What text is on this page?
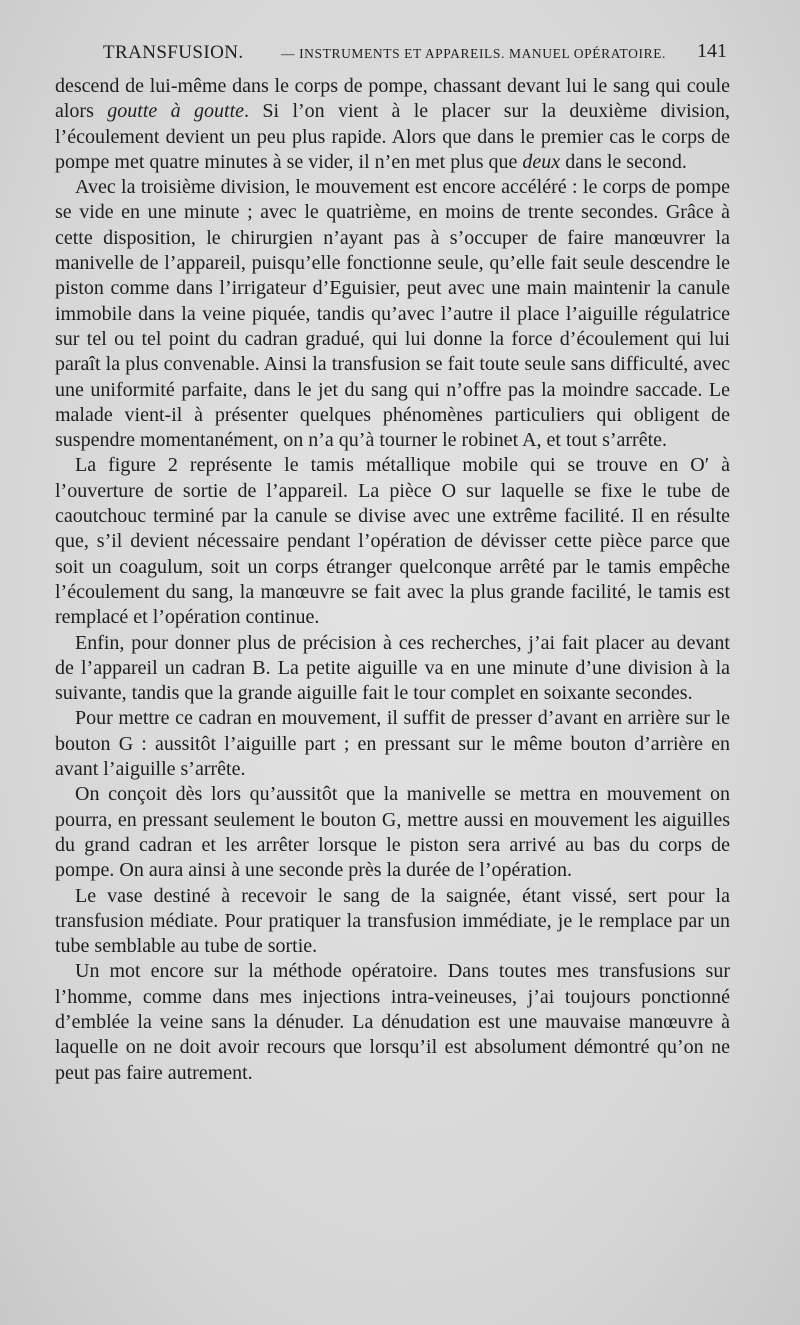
TRANSFUSION.	— INSTRUMENTS ET APPAREILS. MANUEL OPÉRATOIRE. 141

descend de lui-même dans le corps de pompe, chassant devant lui le sang qui coule alors goutte à goutte. Si l’on vient à le placer sur la deuxième division, l’écoulement devient un peu plus rapide. Alors que dans le premier cas le corps de pompe met quatre minutes à se vider, il n’en met plus que deux dans le second.

Avec la troisième division, le mouvement est encore accéléré : le corps de pompe se vide en une minute ; avec le quatrième, en moins de trente secondes. Grâce à cette disposition, le chirurgien n’ayant pas à s’occuper de faire manœuvrer la manivelle de l’appareil, puisqu’elle fonctionne seule, qu’elle fait seule descendre le piston comme dans l’irrigateur d’Eguisier, peut avec une main maintenir la canule immobile dans la veine piquée, tandis qu’avec l’autre il place l’aiguille régulatrice sur tel ou tel point du cadran gradué, qui lui donne la force d’écoulement qui lui paraît la plus convenable. Ainsi la transfusion se fait toute seule sans difficulté, avec une uniformité parfaite, dans le jet du sang qui n’offre pas la moindre saccade. Le malade vient-il à présenter quelques phénomènes particuliers qui obligent de suspendre momentanément, on n’a qu’à tourner le robinet A, et tout s’arrête.

La figure 2 représente le tamis métallique mobile qui se trouve en O′ à l’ouverture de sortie de l’appareil. La pièce O sur laquelle se fixe le tube de caoutchouc terminé par la canule se divise avec une extrême facilité. Il en résulte que, s’il devient nécessaire pendant l’opération de dévisser cette pièce parce que soit un coagulum, soit un corps étranger quelconque arrêté par le tamis empêche l’écoulement du sang, la manœuvre se fait avec la plus grande facilité, le tamis est remplacé et l’opération continue.

Enfin, pour donner plus de précision à ces recherches, j’ai fait placer au devant de l’appareil un cadran B. La petite aiguille va en une minute d’une division à la suivante, tandis que la grande aiguille fait le tour complet en soixante secondes.

Pour mettre ce cadran en mouvement, il suffit de presser d’avant en arrière sur le bouton G : aussitôt l’aiguille part ; en pressant sur le même bouton d’arrière en avant l’aiguille s’arrête.

On conçoit dès lors qu’aussitôt que la manivelle se mettra en mouvement on pourra, en pressant seulement le bouton G, mettre aussi en mouvement les aiguilles du grand cadran et les arrêter lorsque le piston sera arrivé au bas du corps de pompe. On aura ainsi à une seconde près la durée de l’opération.

Le vase destiné à recevoir le sang de la saignée, étant vissé, sert pour la transfusion médiate. Pour pratiquer la transfusion immédiate, je le remplace par un tube semblable au tube de sortie.

Un mot encore sur la méthode opératoire. Dans toutes mes transfusions sur l’homme, comme dans mes injections intra-veineuses, j’ai toujours ponctionné d’emblée la veine sans la dénuder. La dénudation est une mauvaise manœuvre à laquelle on ne doit avoir recours que lorsqu’il est absolument démontré qu’on ne peut pas faire autrement.
